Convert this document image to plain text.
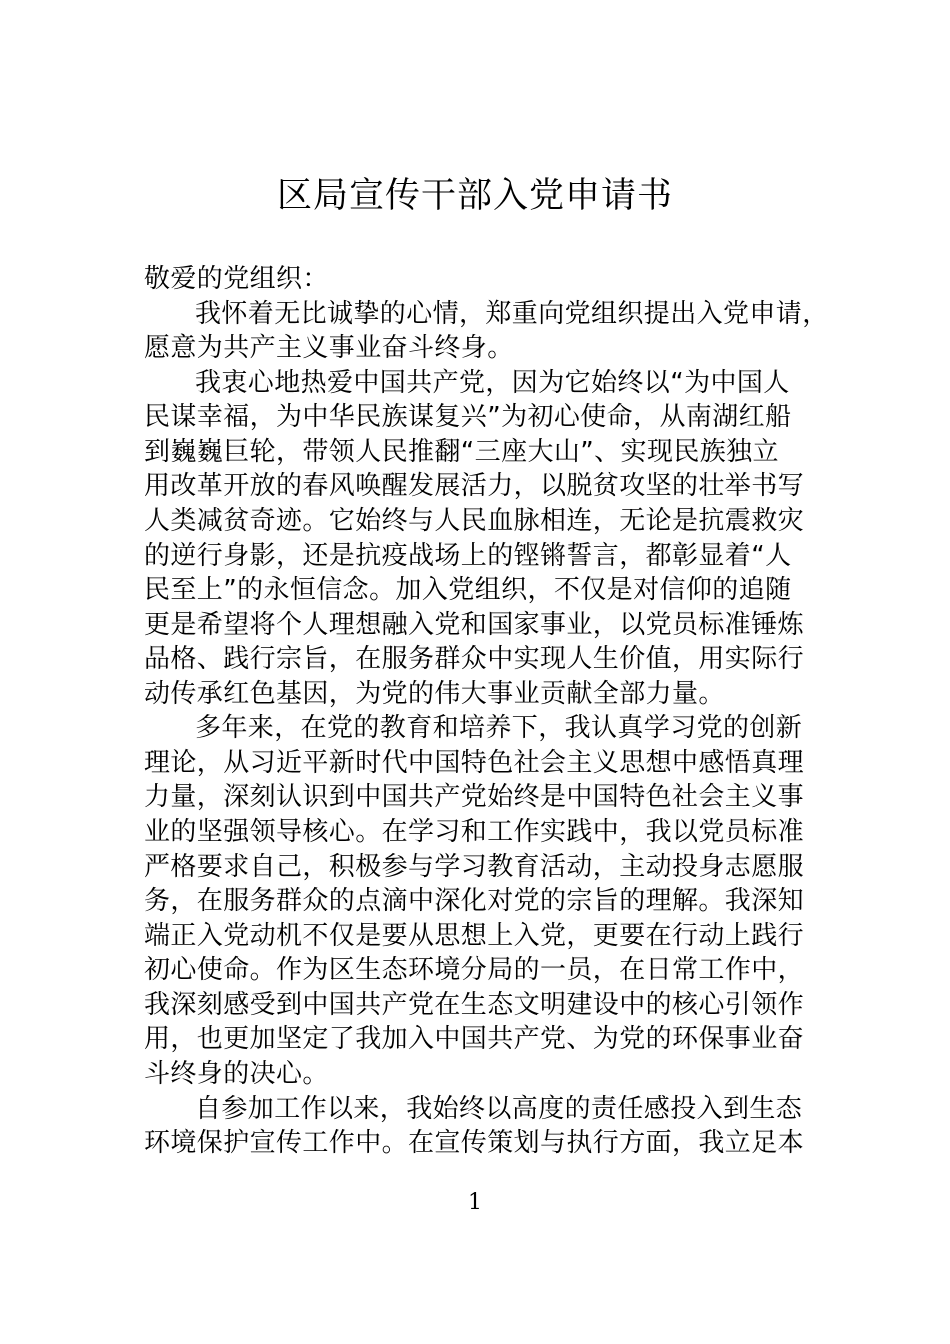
区局宣传干部入党申请书
敬爱的党组织：
我怀着无比诚挚的心情，郑重向党组织提出入党申请，
愿意为共产主义事业奋斗终身。
我衷心地热爱中国共产党，因为它始终以“为中国人
民谋幸福，为中华民族谋复兴”为初心使命，从南湖红船
到巍巍巨轮，带领人民推翻“三座大山”、实现民族独立
用改革开放的春风唤醒发展活力，以脱贫攻坚的壮举书写
人类减贫奇迹。它始终与人民血脉相连，无论是抗震救灾
的逆行身影，还是抗疫战场上的铿锵誓言，都彰显着“人
民至上”的永恒信念。加入党组织，不仅是对信仰的追随
更是希望将个人理想融入党和国家事业，以党员标准锤炼
品格、践行宗旨，在服务群众中实现人生价值，用实际行
动传承红色基因，为党的伟大事业贡献全部力量。
多年来，在党的教育和培养下，我认真学习党的创新
理论，从习近平新时代中国特色社会主义思想中感悟真理
力量，深刻认识到中国共产党始终是中国特色社会主义事
业的坚强领导核心。在学习和工作实践中，我以党员标准
严格要求自己，积极参与学习教育活动，主动投身志愿服
务，在服务群众的点滴中深化对党的宗旨的理解。我深知
端正入党动机不仅是要从思想上入党，更要在行动上践行
初心使命。作为区生态环境分局的一员，在日常工作中，
我深刻感受到中国共产党在生态文明建设中的核心引领作
用，也更加坚定了我加入中国共产党、为党的环保事业奋
斗终身的决心。
自参加工作以来，我始终以高度的责任感投入到生态
环境保护宣传工作中。在宣传策划与执行方面，我立足本
1
